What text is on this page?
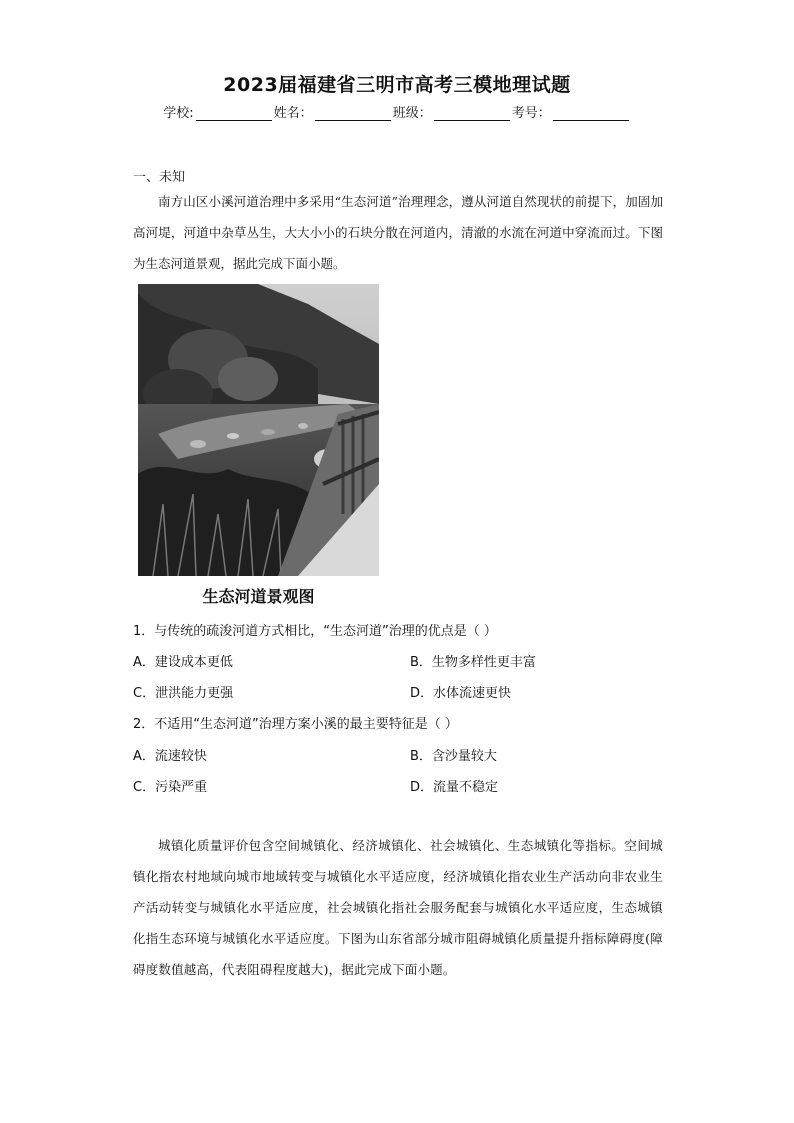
2023届福建省三明市高考三模地理试题
学校:	姓名：	班级：	考号：
一、未知
南方山区小溪河道治理中多采用“生态河道”治理理念，遵从河道自然现状的前提下，加固加高河堤，河道中杂草丛生，大大小小的石块分散在河道内，清澈的水流在河道中穿流而过。下图为生态河道景观，据此完成下面小题。
生态河道景观图
1．与传统的疏浚河道方式相比，“生态河道”治理的优点是（ ）
A．建设成本更低	B．生物多样性更丰富
C．泄洪能力更强	D．水体流速更快
2．不适用“生态河道”治理方案小溪的最主要特征是（ ）
A．流速较快	B．含沙量较大
C．污染严重	D．流量不稳定
城镇化质量评价包含空间城镇化、经济城镇化、社会城镇化、生态城镇化等指标。空间城镇化指农村地域向城市地域转变与城镇化水平适应度，经济城镇化指农业生产活动向非农业生产活动转变与城镇化水平适应度，社会城镇化指社会服务配套与城镇化水平适应度，生态城镇化指生态环境与城镇化水平适应度。下图为山东省部分城市阻碍城镇化质量提升指标障碍度(障碍度数值越高，代表阻碍程度越大)，据此完成下面小题。
